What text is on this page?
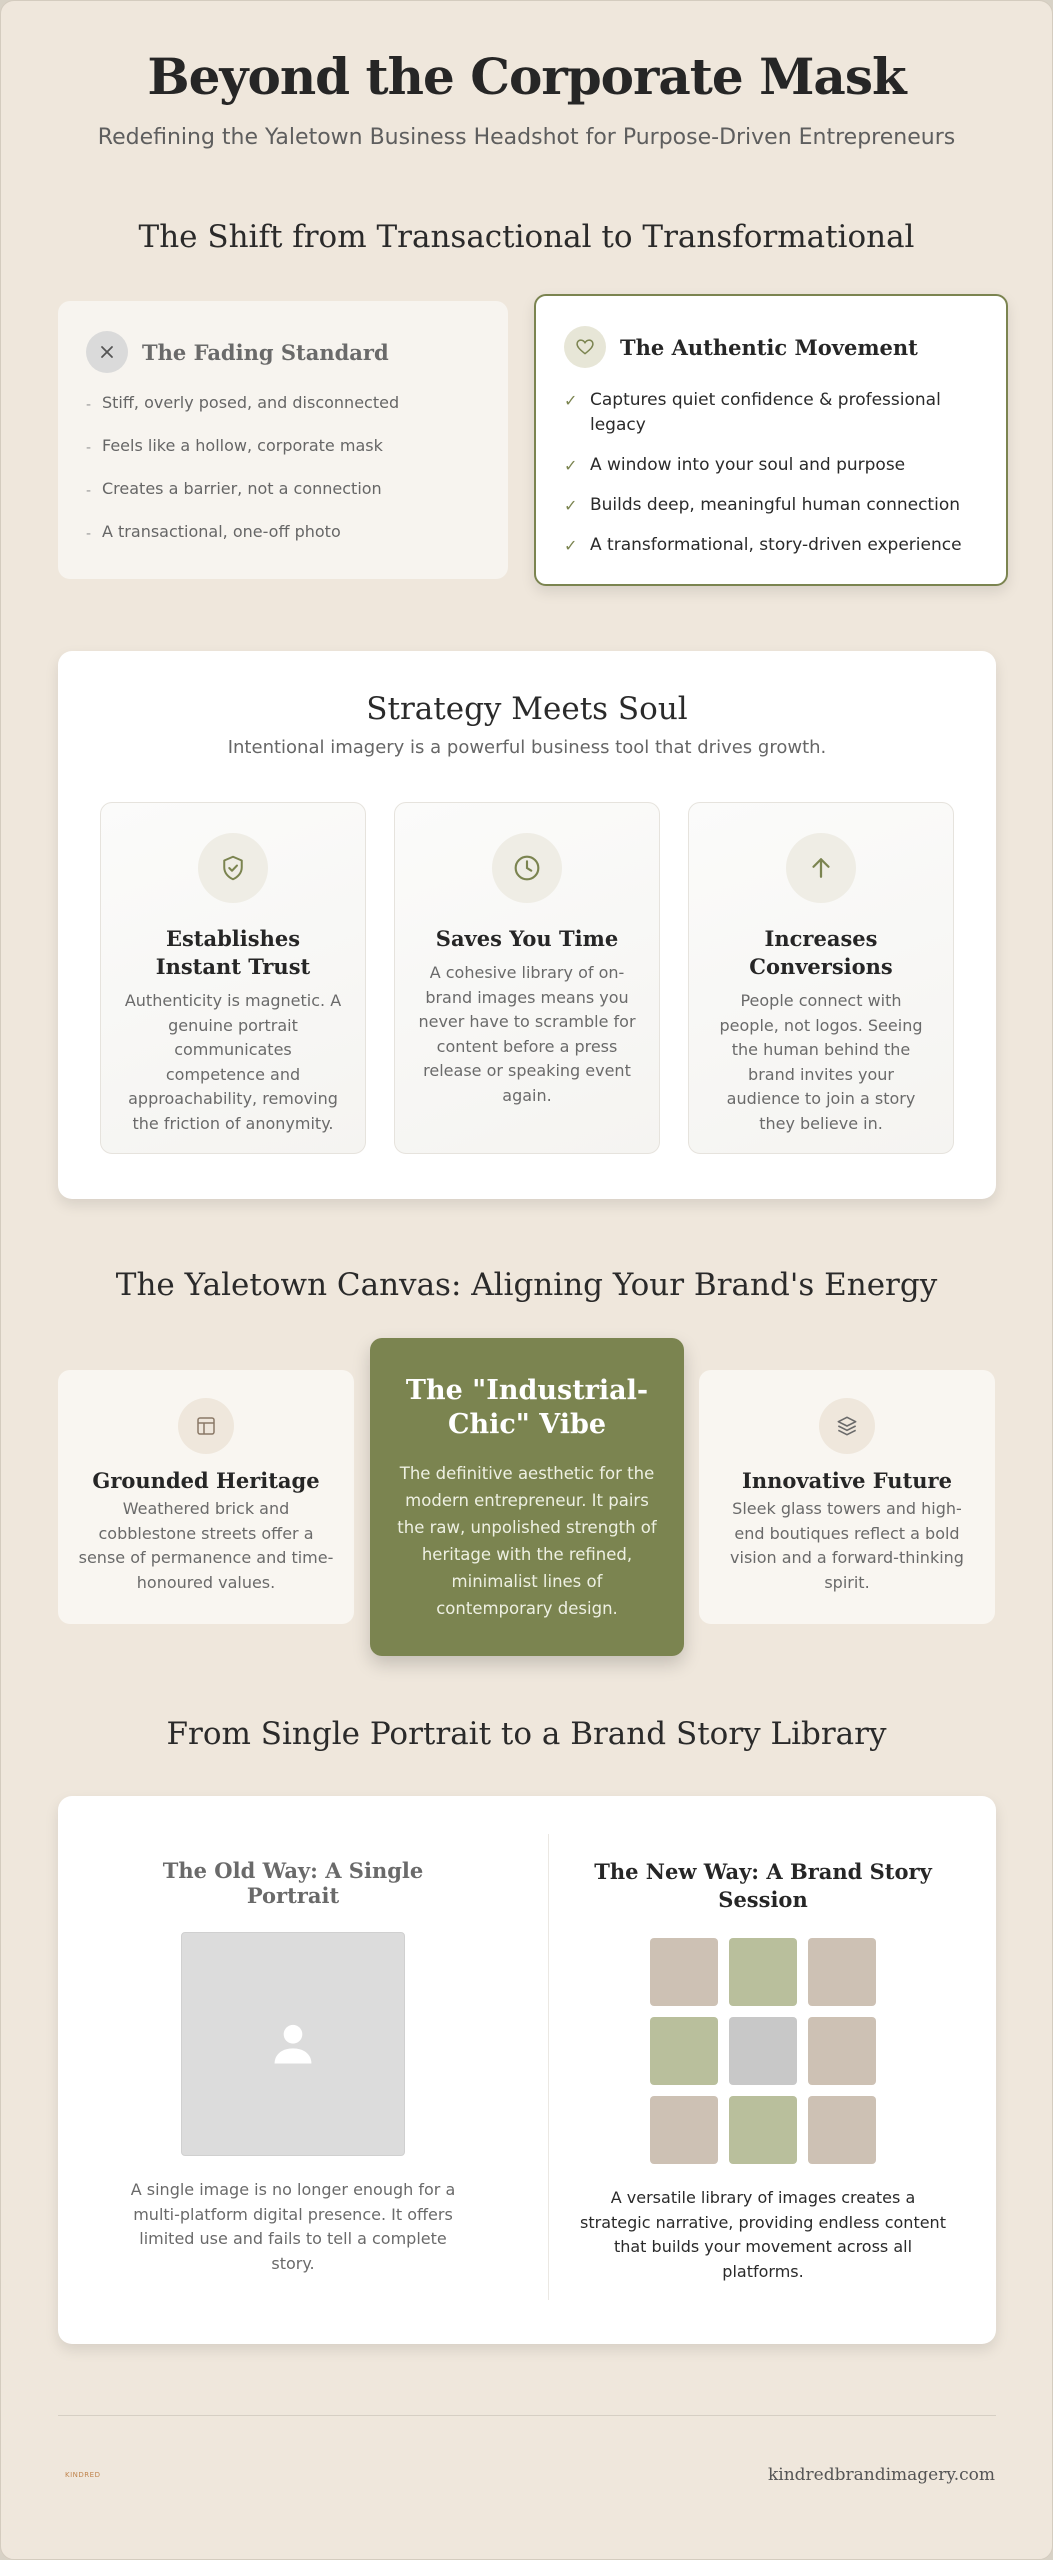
Beyond the Corporate Mask
Redefining the Yaletown Business Headshot for Purpose-Driven Entrepreneurs
The Shift from Transactional to Transformational
The Fading Standard
- Stiff, overly posed, and disconnected
- Feels like a hollow, corporate mask
- Creates a barrier, not a connection
- A transactional, one-off photo
The Authentic Movement
✓ Captures quiet confidence & professional legacy
✓ A window into your soul and purpose
✓ Builds deep, meaningful human connection
✓ A transformational, story-driven experience
Strategy Meets Soul
Intentional imagery is a powerful business tool that drives growth.
Establishes Instant Trust
Authenticity is magnetic. A genuine portrait communicates competence and approachability, removing the friction of anonymity.
Saves You Time
A cohesive library of on-brand images means you never have to scramble for content before a press release or speaking event again.
Increases Conversions
People connect with people, not logos. Seeing the human behind the brand invites your audience to join a story they believe in.
The Yaletown Canvas: Aligning Your Brand's Energy
Grounded Heritage
Weathered brick and cobblestone streets offer a sense of permanence and time-honoured values.
The "Industrial-Chic" Vibe
The definitive aesthetic for the modern entrepreneur. It pairs the raw, unpolished strength of heritage with the refined, minimalist lines of contemporary design.
Innovative Future
Sleek glass towers and high-end boutiques reflect a bold vision and a forward-thinking spirit.
From Single Portrait to a Brand Story Library
The Old Way: A Single Portrait
A single image is no longer enough for a multi-platform digital presence. It offers limited use and fails to tell a complete story.
The New Way: A Brand Story Session
A versatile library of images creates a strategic narrative, providing endless content that builds your movement across all platforms.
KINDRED	kindredbrandimagery.com
